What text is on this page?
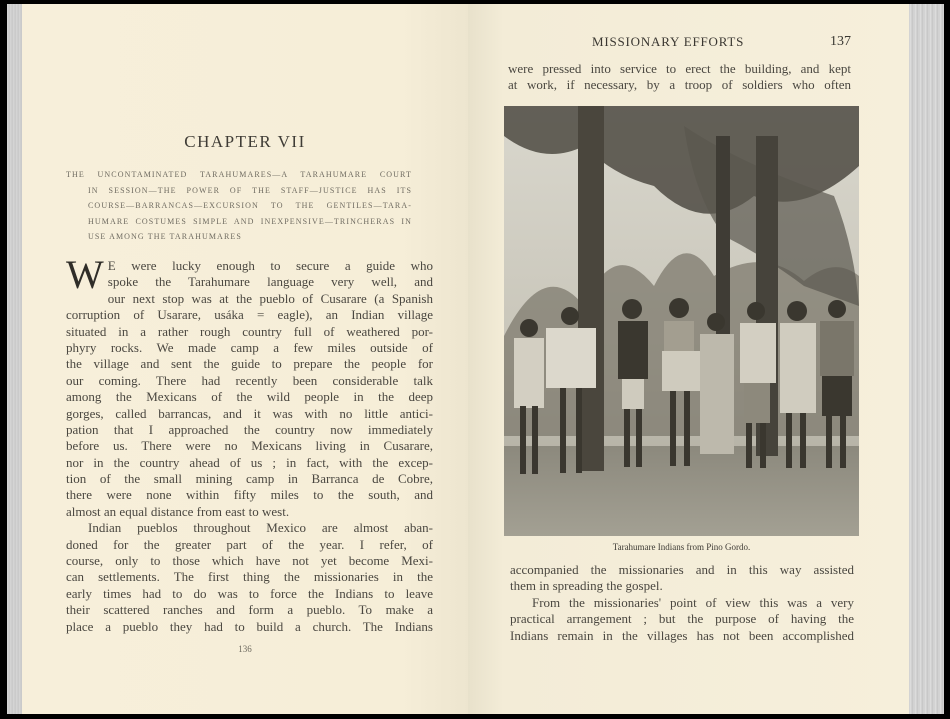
CHAPTER VII
THE UNCONTAMINATED TARAHUMARES—A TARAHUMARE COURT
IN SESSION—THE POWER OF THE STAFF—JUSTICE HAS ITS
COURSE—BARRANCAS—EXCURSION TO THE GENTILES—TARA-
HUMARE COSTUMES SIMPLE AND INEXPENSIVE—TRINCHERAS IN
USE AMONG THE TARAHUMARES
W E were lucky enough to secure a guide who
spoke the Tarahumare language very well, and
our next stop was at the pueblo of Cusarare (a Spanish
corruption of Usarare, usáka = eagle), an Indian village
situated in a rather rough country full of weathered por-
phyry rocks. We made camp a few miles outside of
the village and sent the guide to prepare the people for
our coming. There had recently been considerable talk
among the Mexicans of the wild people in the deep
gorges, called barrancas, and it was with no little antici-
pation that I approached the country now immediately
before us. There were no Mexicans living in Cusarare,
nor in the country ahead of us ; in fact, with the excep-
tion of the small mining camp in Barranca de Cobre,
there were none within fifty miles to the south, and
almost an equal distance from east to west.
Indian pueblos throughout Mexico are almost aban-
doned for the greater part of the year. I refer, of
course, only to those which have not yet become Mexi-
can settlements. The first thing the missionaries in the
early times had to do was to force the Indians to leave
their scattered ranches and form a pueblo. To make a
place a pueblo they had to build a church. The Indians
136
MISSIONARY EFFORTS	137
were pressed into service to erect the building, and kept
at work, if necessary, by a troop of soldiers who often
Tarahumare Indians from Pino Gordo.
accompanied the missionaries and in this way assisted
them in spreading the gospel.
From the missionaries' point of view this was a very
practical arrangement ; but the purpose of having the
Indians remain in the villages has not been accomplished
